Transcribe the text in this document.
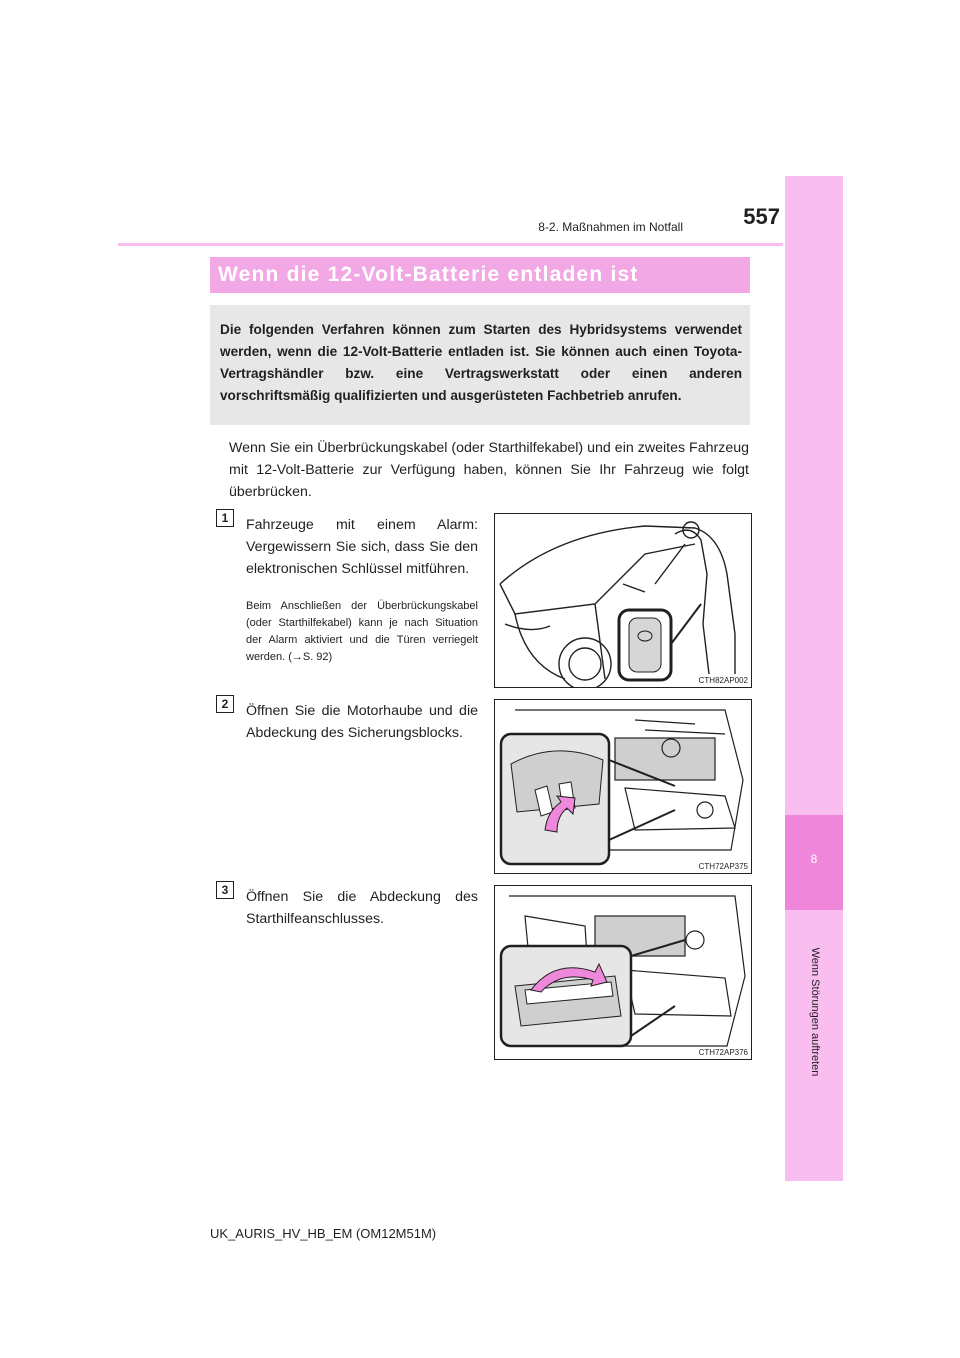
8
Wenn Störungen auftreten
557
8-2. Maßnahmen im Notfall
Wenn die 12-Volt-Batterie entladen ist

Die folgenden Verfahren können zum Starten des Hybridsystems verwendet werden, wenn die 12-Volt-Batterie entladen ist. Sie können auch einen Toyota-Vertragshändler bzw. eine Vertragswerkstatt oder einen anderen vorschriftsmäßig qualifizierten und ausgerüsteten Fachbetrieb anrufen.

Wenn Sie ein Überbrückungskabel (oder Starthilfekabel) und ein zweites Fahrzeug mit 12-Volt-Batterie zur Verfügung haben, können Sie Ihr Fahrzeug wie folgt überbrücken.

1	Fahrzeuge mit einem Alarm: Vergewissern Sie sich, dass Sie den elektronischen Schlüssel mitführen.

Beim Anschließen der Überbrückungskabel (oder Starthilfekabel) kann je nach Situation der Alarm aktiviert und die Türen verriegelt werden. (→S. 92)

CTH82AP002
2	Öffnen Sie die Motorhaube und die Abdeckung des Sicherungsblocks.

CTH72AP375
3	Öffnen Sie die Abdeckung des Starthilfeanschlusses.

CTH72AP376
UK_AURIS_HV_HB_EM (OM12M51M)
